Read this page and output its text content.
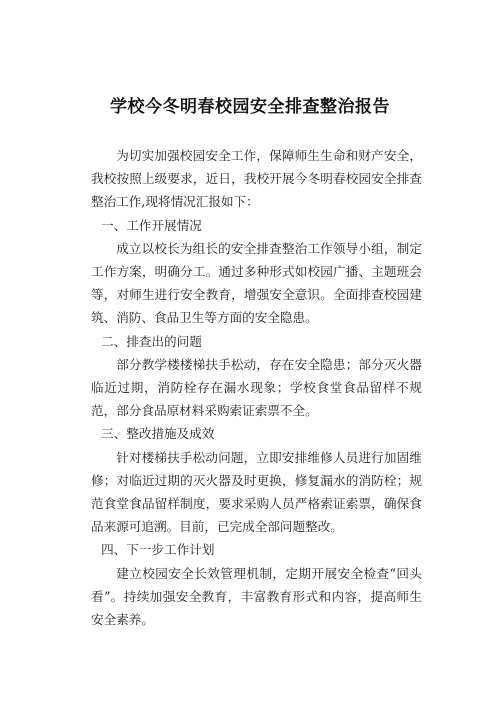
学校今冬明春校园安全排查整治报告

为切实加强校园安全工作，保障师生生命和财产安全，我校按照上级要求，近日，我校开展今冬明春校园安全排查整治工作,现将情况汇报如下：

一、工作开展情况

成立以校长为组长的安全排查整治工作领导小组，制定工作方案，明确分工。通过多种形式如校园广播、主题班会等，对师生进行安全教育，增强安全意识。全面排查校园建筑、消防、食品卫生等方面的安全隐患。

二、排查出的问题

部分教学楼楼梯扶手松动，存在安全隐患；部分灭火器临近过期，消防栓存在漏水现象；学校食堂食品留样不规范，部分食品原材料采购索证索票不全。

三、整改措施及成效

针对楼梯扶手松动问题，立即安排维修人员进行加固维修；对临近过期的灭火器及时更换，修复漏水的消防栓；规范食堂食品留样制度，要求采购人员严格索证索票，确保食品来源可追溯。目前，已完成全部问题整改。

四、下一步工作计划

建立校园安全长效管理机制，定期开展安全检查“回头看”。持续加强安全教育，丰富教育形式和内容，提高师生安全素养。
